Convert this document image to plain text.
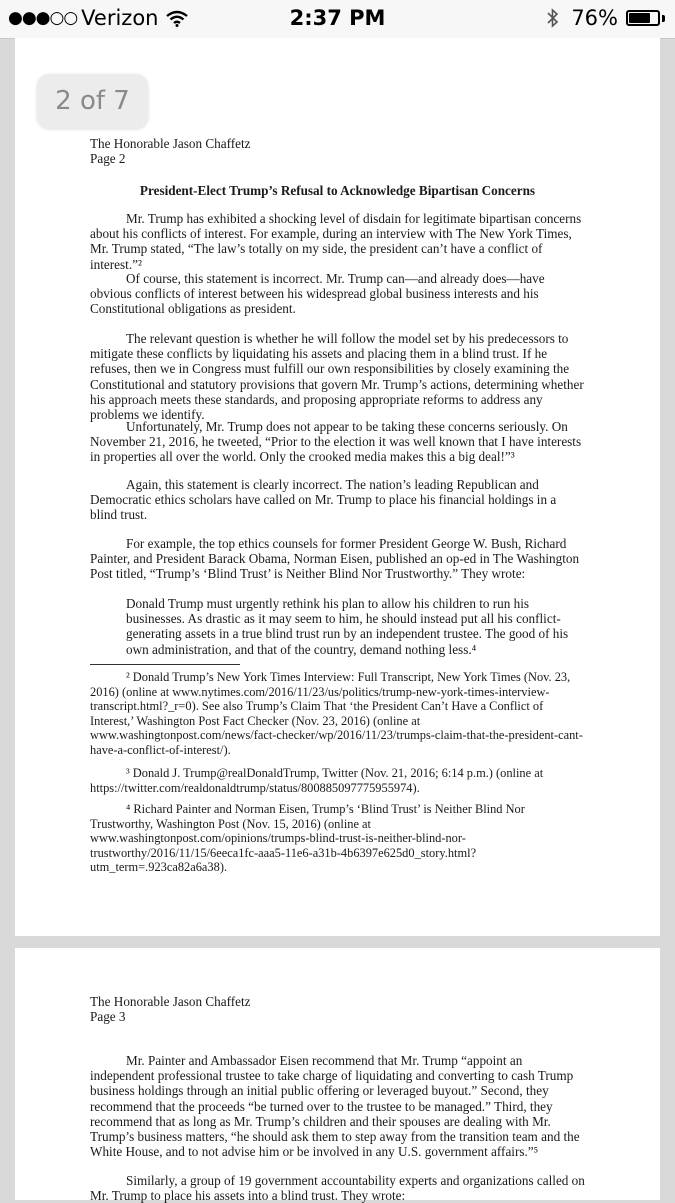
●●●○○ Verizon	2:37 PM	76%
The Honorable Jason Chaffetz
Page 2
President-Elect Trump’s Refusal to Acknowledge Bipartisan Concerns

Mr. Trump has exhibited a shocking level of disdain for legitimate bipartisan concerns about his conflicts of interest. For example, during an interview with The New York Times, Mr. Trump stated, “The law’s totally on my side, the president can’t have a conflict of interest.”²

Of course, this statement is incorrect. Mr. Trump can—and already does—have obvious conflicts of interest between his widespread global business interests and his Constitutional obligations as president.

The relevant question is whether he will follow the model set by his predecessors to mitigate these conflicts by liquidating his assets and placing them in a blind trust. If he refuses, then we in Congress must fulfill our own responsibilities by closely examining the Constitutional and statutory provisions that govern Mr. Trump’s actions, determining whether his approach meets these standards, and proposing appropriate reforms to address any problems we identify.

Unfortunately, Mr. Trump does not appear to be taking these concerns seriously. On November 21, 2016, he tweeted, “Prior to the election it was well known that I have interests in properties all over the world. Only the crooked media makes this a big deal!”³

Again, this statement is clearly incorrect. The nation’s leading Republican and Democratic ethics scholars have called on Mr. Trump to place his financial holdings in a blind trust.

For example, the top ethics counsels for former President George W. Bush, Richard Painter, and President Barack Obama, Norman Eisen, published an op-ed in The Washington Post titled, “Trump’s ‘Blind Trust’ is Neither Blind Nor Trustworthy.” They wrote:

Donald Trump must urgently rethink his plan to allow his children to run his businesses. As drastic as it may seem to him, he should instead put all his conflict-generating assets in a true blind trust run by an independent trustee. The good of his own administration, and that of the country, demand nothing less.⁴

² Donald Trump’s New York Times Interview: Full Transcript, New York Times (Nov. 23, 2016) (online at www.nytimes.com/2016/11/23/us/politics/trump-new-york-times-interview-transcript.html?_r=0). See also Trump’s Claim That ‘the President Can’t Have a Conflict of Interest,’ Washington Post Fact Checker (Nov. 23, 2016) (online at www.washingtonpost.com/news/fact-checker/wp/2016/11/23/trumps-claim-that-the-president-cant-have-a-conflict-of-interest/).

³ Donald J. Trump@realDonaldTrump, Twitter (Nov. 21, 2016; 6:14 p.m.) (online at https://twitter.com/realdonaldtrump/status/800885097775955974).

⁴ Richard Painter and Norman Eisen, Trump’s ‘Blind Trust’ is Neither Blind Nor Trustworthy, Washington Post (Nov. 15, 2016) (online at www.washingtonpost.com/opinions/trumps-blind-trust-is-neither-blind-nor-trustworthy/2016/11/15/6eeca1fc-aaa5-11e6-a31b-4b6397e625d0_story.html?utm_term=.923ca82a6a38).

The Honorable Jason Chaffetz
Page 3

Mr. Painter and Ambassador Eisen recommend that Mr. Trump “appoint an independent professional trustee to take charge of liquidating and converting to cash Trump business holdings through an initial public offering or leveraged buyout.” Second, they recommend that the proceeds “be turned over to the trustee to be managed.” Third, they recommend that as long as Mr. Trump’s children and their spouses are dealing with Mr. Trump’s business matters, “he should ask them to step away from the transition team and the White House, and to not advise him or be involved in any U.S. government affairs.”⁵

Similarly, a group of 19 government accountability experts and organizations called on Mr. Trump to place his assets into a blind trust. They wrote:

2 of 7
